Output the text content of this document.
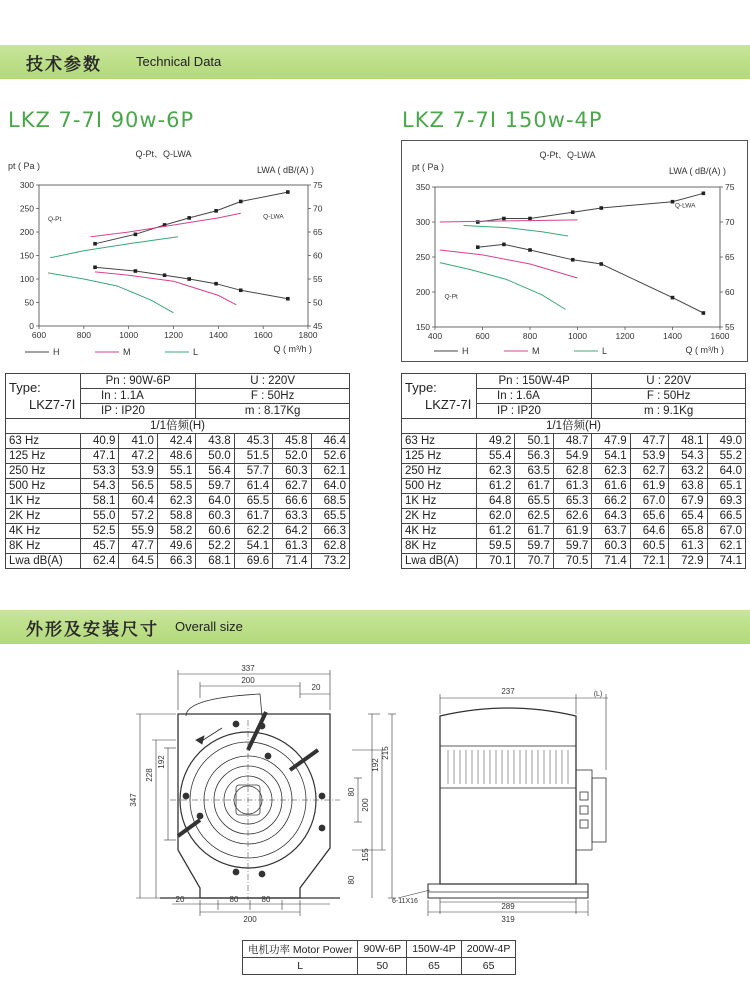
技术参数	Technical Data
LKZ 7-7Ⅰ 90w-6P	LKZ 7-7Ⅰ 150w-4P
600	800	1000	1200	1400	1600	1800
0
50
100
150
200
250
300
45
50
55
60
65
70
75
Q-Pt、Q-LWA
pt ( Pa )	LWA ( dB/(A) )
Q ( m³/h )
Q-Pt	Q-LWA
H	M	L
400	600	800	1000	1200	1400	1600
150
200
250
300
350
55
60
65
70
75
Q-Pt、Q-LWA
pt ( Pa )	LWA ( dB/(A) )
Q ( m³/h )
Q-Pt
Q-LWA
H	M	L
Type:
LKZ7-7Ⅰ	Pn : 90W-6P			U : 220V			
	In : 1.1A			F : 50Hz			
	IP : IP20			m : 8.17Kg			
1/1倍频(H)							
63 Hz	40.9	41.0	42.4	43.8	45.3	45.8	46.4
125 Hz	47.1	47.2	48.6	50.0	51.5	52.0	52.6
250 Hz	53.3	53.9	55.1	56.4	57.7	60.3	62.1
500 Hz	54.3	56.5	58.5	59.7	61.4	62.7	64.0
1K Hz	58.1	60.4	62.3	64.0	65.5	66.6	68.5
2K Hz	55.0	57.2	58.8	60.3	61.7	63.3	65.5
4K Hz	52.5	55.9	58.2	60.6	62.2	64.2	66.3
8K Hz	45.7	47.7	49.6	52.2	54.1	61.3	62.8
Lwa dB(A)	62.4	64.5	66.3	68.1	69.6	71.4	73.2
Type:
LKZ7-7Ⅰ	Pn : 150W-4P			U : 220V			
	In : 1.6A			F : 50Hz			
	IP : IP20			m : 9.1Kg			
1/1倍频(H)							
63 Hz	49.2	50.1	48.7	47.9	47.7	48.1	49.0
125 Hz	55.4	56.3	54.9	54.1	53.9	54.3	55.2
250 Hz	62.3	63.5	62.8	62.3	62.7	63.2	64.0
500 Hz	61.2	61.7	61.3	61.6	61.9	63.8	65.1
1K Hz	64.8	65.5	65.3	66.2	67.0	67.9	69.3
2K Hz	62.0	62.5	62.6	64.3	65.6	65.4	66.5
4K Hz	61.2	61.7	61.9	63.7	64.6	65.8	67.0
8K Hz	59.5	59.7	59.7	60.3	60.5	61.3	62.1
Lwa dB(A)	70.1	70.7	70.5	71.4	72.1	72.9	74.1
外形及安装尺寸 Overall size
337
200
20
228
192
347
192
215
200
80
155
80
20	80	80
200
237	(L)
289
319
6-11X16
电机功率 Motor Power	90W-6P	150W-4P	200W-4P
L	50	65	65
